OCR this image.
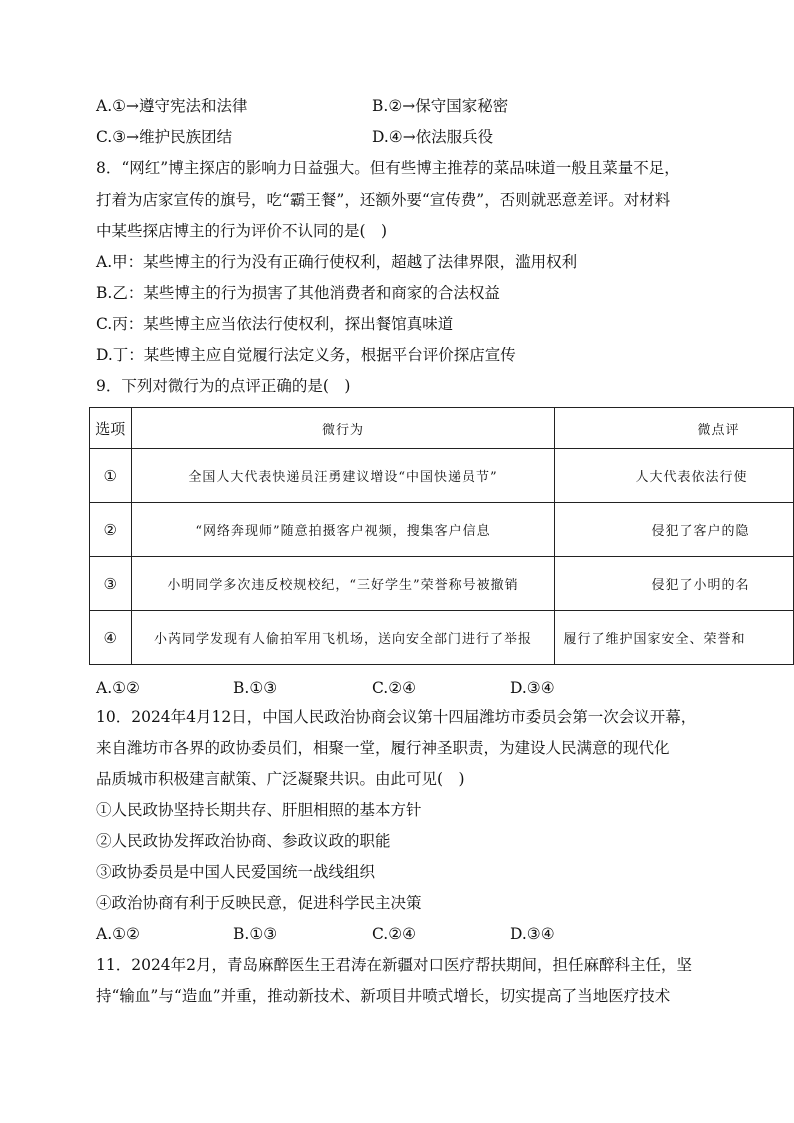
A.①→遵守宪法和法律	B.②→保守国家秘密
C.③→维护民族团结	D.④→依法服兵役
8．“网红”博主探店的影响力日益强大。但有些博主推荐的菜品味道一般且菜量不足，
打着为店家宣传的旗号，吃“霸王餐”，还额外要“宣传费”，否则就恶意差评。对材料
中某些探店博主的行为评价不认同的是(　)
A.甲：某些博主的行为没有正确行使权利，超越了法律界限，滥用权利
B.乙：某些博主的行为损害了其他消费者和商家的合法权益
C.丙：某些博主应当依法行使权利，探出餐馆真味道
D.丁：某些博主应自觉履行法定义务，根据平台评价探店宣传
9．下列对微行为的点评正确的是(　)
选项	微行为	微点评

①	全国人大代表快递员汪勇建议增设“中国快递员节”	人大代表依法行使

②	“网络奔现师”随意拍摄客户视频，搜集客户信息	侵犯了客户的隐

③	小明同学多次违反校规校纪，“三好学生”荣誉称号被撤销	侵犯了小明的名

④	小芮同学发现有人偷拍军用飞机场，送向安全部门进行了举报	履行了维护国家安全、荣誉和
A.①②	B.①③	C.②④	D.③④
10．2024年4月12日，中国人民政治协商会议第十四届潍坊市委员会第一次会议开幕，
来自潍坊市各界的政协委员们，相聚一堂，履行神圣职责，为建设人民满意的现代化
品质城市积极建言献策、广泛凝聚共识。由此可见(　)
①人民政协坚持长期共存、肝胆相照的基本方针
②人民政协发挥政治协商、参政议政的职能
③政协委员是中国人民爱国统一战线组织
④政治协商有利于反映民意，促进科学民主决策
A.①②	B.①③	C.②④	D.③④
11．2024年2月，青岛麻醉医生王君涛在新疆对口医疗帮扶期间，担任麻醉科主任，坚
持“输血”与“造血”并重，推动新技术、新项目井喷式增长，切实提高了当地医疗技术
